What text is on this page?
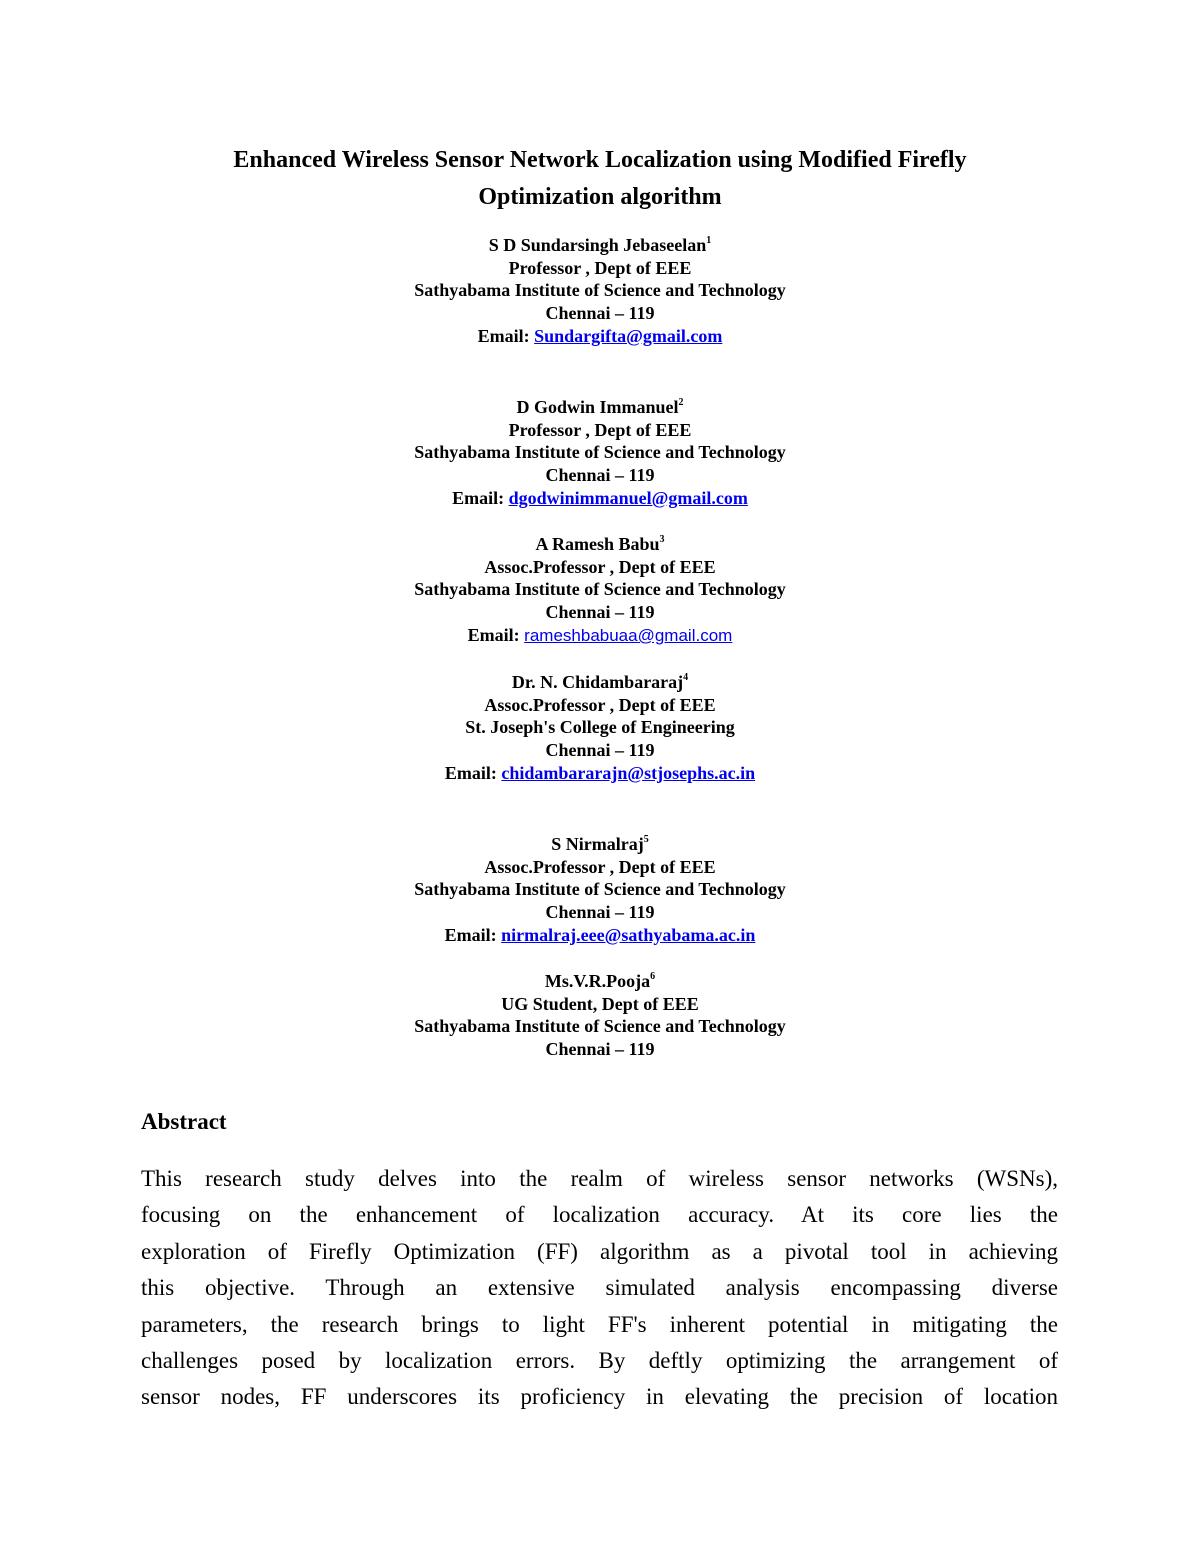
Enhanced Wireless Sensor Network Localization using Modified Firefly
Optimization algorithm
S D Sundarsingh Jebaseelan$^1$
Professor , Dept of EEE
Sathyabama Institute of Science and Technology
Chennai – 119
Email: Sundargifta@gmail.com
D Godwin Immanuel$^2$
Professor , Dept of EEE
Sathyabama Institute of Science and Technology
Chennai – 119
Email: dgodwinimmanuel@gmail.com
A Ramesh Babu$^3$
Assoc.Professor , Dept of EEE
Sathyabama Institute of Science and Technology
Chennai – 119
Email: rameshbabuaa@gmail.com
Dr. N. Chidambararaj$^4$
Assoc.Professor , Dept of EEE
St. Joseph's College of Engineering
Chennai – 119
Email: chidambararajn@stjosephs.ac.in
S Nirmalraj$^5$
Assoc.Professor , Dept of EEE
Sathyabama Institute of Science and Technology
Chennai – 119
Email: nirmalraj.eee@sathyabama.ac.in
Ms.V.R.Pooja$^6$
UG Student, Dept of EEE
Sathyabama Institute of Science and Technology
Chennai – 119
Abstract
This research study delves into the realm of wireless sensor networks (WSNs),
focusing on the enhancement of localization accuracy. At its core lies the
exploration of Firefly Optimization (FF) algorithm as a pivotal tool in achieving
this objective. Through an extensive simulated analysis encompassing diverse
parameters, the research brings to light FF's inherent potential in mitigating the
challenges posed by localization errors. By deftly optimizing the arrangement of
sensor nodes, FF underscores its proficiency in elevating the precision of location
